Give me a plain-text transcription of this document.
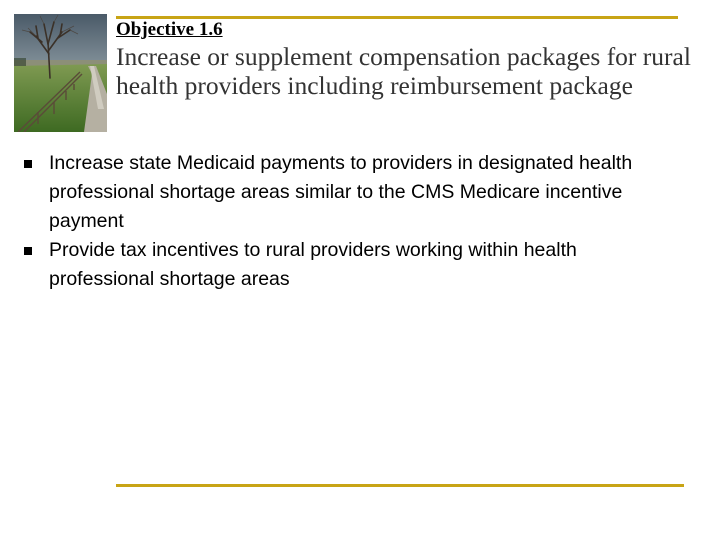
Objective 1.6
Increase or supplement compensation packages for rural health providers including reimbursement package
Increase state Medicaid payments to providers in designated health professional shortage areas similar to the CMS Medicare incentive payment
Provide tax incentives to rural providers working within health professional shortage areas
